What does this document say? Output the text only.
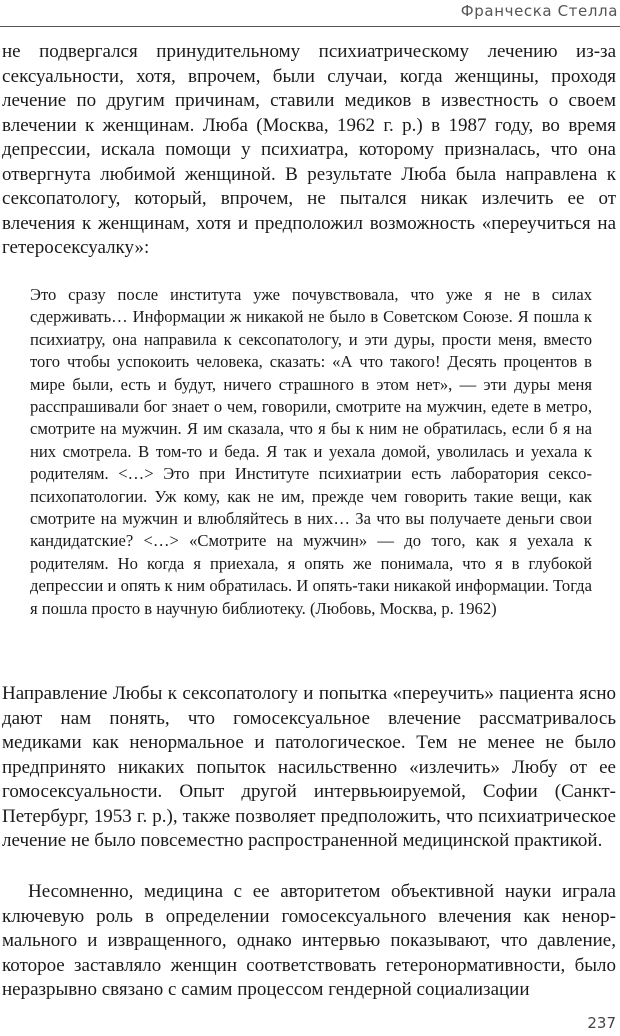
Франческа Стелла
не подвергался принудительному психиатрическому лечению из-за сексуальности, хотя, впрочем, были случаи, когда женщины, проходя лечение по другим причинам, ставили медиков в известность о своем влечении к женщинам. Люба (Москва, 1962 г. р.) в 1987 году, во время депрессии, искала помощи у психиатра, которому призналась, что она отвергнута любимой женщиной. В результате Люба была направлена к сексопатологу, который, впрочем, не пытался никак излечить ее от влечения к женщинам, хотя и предположил возможность «переучиться на гетеросексуалку»:
Это сразу после института уже почувствовала, что уже я не в силах сдерживать… Информации ж никакой не было в Советском Союзе. Я пошла к психиатру, она направила к сексопатологу, и эти дуры, прости меня, вместо того чтобы успокоить человека, сказать: «А что такого! Десять процентов в мире были, есть и будут, ничего страшного в этом нет», — эти дуры меня расспрашивали бог знает о чем, говорили, смотрите на мужчин, едете в метро, смотрите на мужчин. Я им сказала, что я бы к ним не обратилась, если б я на них смотрела. В том-то и беда. Я так и уехала домой, уволилась и уехала к родителям. <…> Это при Институте психиатрии есть лаборатория сексопсихопатологии. Уж кому, как не им, прежде чем говорить такие вещи, как смотрите на мужчин и влюбляйтесь в них… За что вы получаете деньги свои кандидатские? <…> «Смотрите на мужчин» — до того, как я уехала к родителям. Но когда я приехала, я опять же понимала, что я в глубокой депрессии и опять к ним обратилась. И опять-таки никакой информации. Тогда я пошла просто в научную библиотеку. (Любовь, Москва, р. 1962)
Направление Любы к сексопатологу и попытка «переучить» пациента ясно дают нам понять, что гомосексуальное влечение рассматривалось медиками как ненормальное и патологическое. Тем не менее не было предпринято никаких попыток насильственно «излечить» Любу от ее гомосексуальности. Опыт другой интервьюируемой, Софии (Санкт-Петербург, 1953 г. р.), также позволяет предположить, что психиатрическое лечение не было повсеместно распространенной медицинской практикой.
Несомненно, медицина с ее авторитетом объективной науки играла ключевую роль в определении гомосексуального влечения как ненормального и извращенного, однако интервью показывают, что давление, которое заставляло женщин соответствовать гетеронормативности, было неразрывно связано с самим процессом гендерной социализации
237
